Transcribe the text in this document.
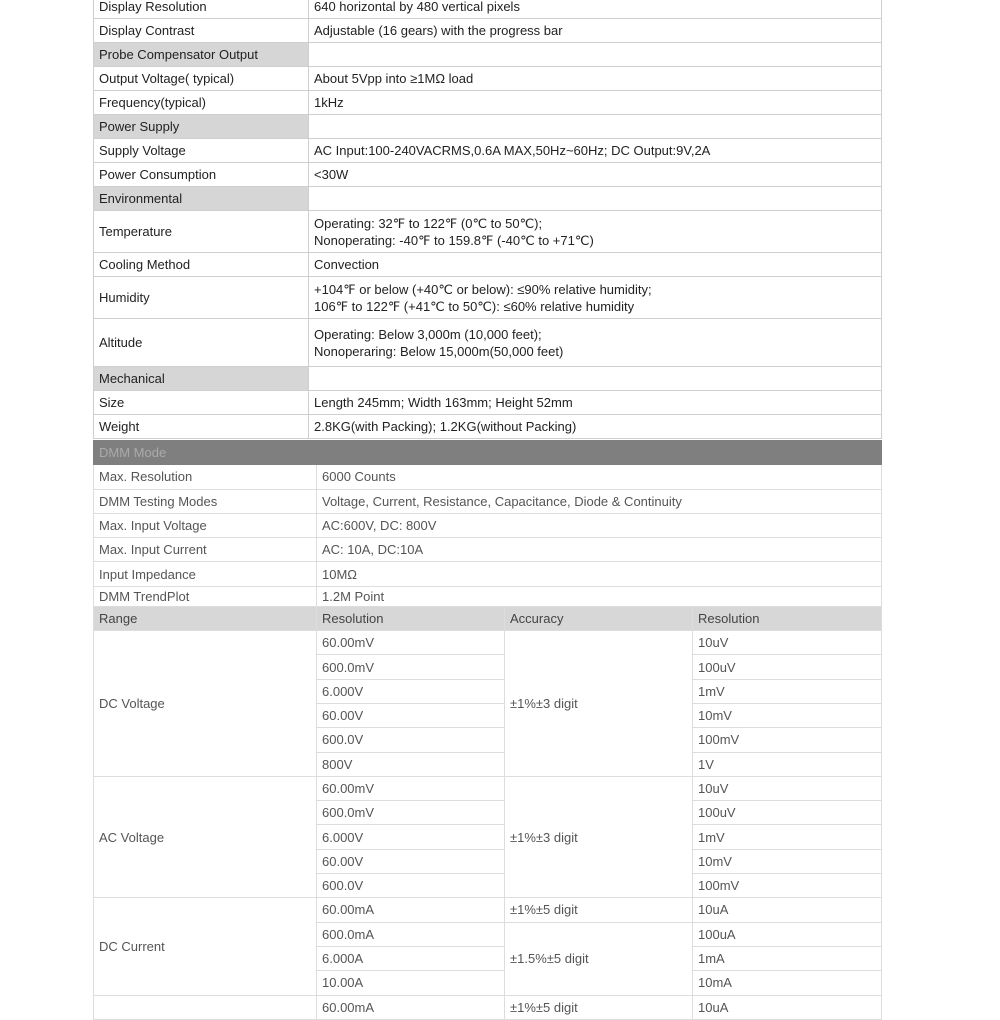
Display Resolution	640 horizontal by 480 vertical pixels
Display Contrast	Adjustable (16 gears) with the progress bar
Probe Compensator Output	
Output Voltage( typical)	About 5Vpp into ≥1MΩ load
Frequency(typical)	1kHz
Power Supply	
Supply Voltage	AC Input:100-240VACRMS,0.6A MAX,50Hz~60Hz; DC Output:9V,2A
Power Consumption	<30W
Environmental	
Temperature	Operating: 32℉ to 122℉ (0℃ to 50℃);
Nonoperating: -40℉ to 159.8℉ (-40℃ to +71℃)

Cooling Method	Convection
Humidity	+104℉ or below (+40℃ or below): ≤90% relative humidity;
106℉ to 122℉ (+41℃ to 50℃): ≤60% relative humidity

Altitude	Operating: Below 3,000m (10,000 feet);
Nonoperaring: Below 15,000m(50,000 feet)

Mechanical	
Size	Length 245mm; Width 163mm; Height 52mm
Weight	2.8KG(with Packing); 1.2KG(without Packing)
DMM Mode			
Max. Resolution	6000 Counts		
DMM Testing Modes	Voltage, Current, Resistance, Capacitance, Diode & Continuity		
Max. Input Voltage	AC:600V, DC: 800V		
Max. Input Current	AC: 10A, DC:10A		
Input Impedance	10MΩ		
DMM TrendPlot	1.2M Point		
Range	Resolution	Accuracy	Resolution
DC Voltage	60.00mV	±1%±3 digit	10uV
	600.0mV		100uV
	6.000V		1mV
	60.00V		10mV
	600.0V		100mV
	800V		1V
AC Voltage	60.00mV	±1%±3 digit	10uV
	600.0mV		100uV
	6.000V		1mV
	60.00V		10mV
	600.0V		100mV
DC Current	60.00mA	±1%±5 digit	10uA
	600.0mA	±1.5%±5 digit	100uA
	6.000A		1mA
	10.00A		10mA
	60.00mA	±1%±5 digit	10uA
